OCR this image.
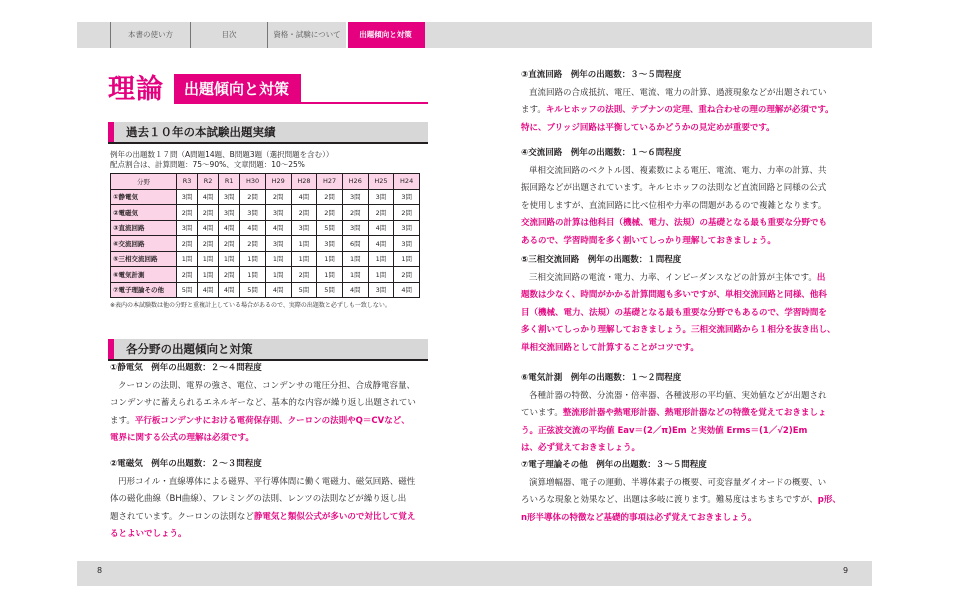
本書の使い方	目次	資格・試験について	出題傾向と対策
理論	出題傾向と対策
過去１０年の本試験出題実績
例年の出題数１７問（A問題14題、B問題3題（選択問題を含む））
配点割合は、計算問題：75～90%、文章問題：10～25%
分野	R3	R2	R1	H30	H29	H28	H27	H26	H25	H24
①静電気	3問	4問	3問	2問	2問	4問	2問	3問	3問	3問
②電磁気	2問	2問	3問	3問	3問	2問	2問	2問	2問	2問
③直流回路	3問	4問	4問	4問	4問	3問	5問	3問	4問	3問
④交流回路	2問	2問	2問	2問	3問	1問	3問	6問	4問	3問
⑤三相交流回路	1問	1問	1問	1問	1問	1問	1問	1問	1問	1問
⑥電気計測	2問	1問	2問	1問	1問	2問	1問	1問	1問	2問
⑦電子理論その他	5問	4問	4問	5問	4問	5問	5問	4問	3問	4問
※表内の本試験数は他の分野と重複計上している場合があるので、実際の出題数と必ずしも一致しない。
各分野の出題傾向と対策
①静電気　例年の出題数：２～４問程度
クーロンの法則、電界の強さ、電位、コンデンサの電圧分担、合成静電容量、
コンデンサに蓄えられるエネルギーなど、基本的な内容が繰り返し出題されてい
ます。平行板コンデンサにおける電荷保存則、クーロンの法則やQ＝CVなど、
電界に関する公式の理解は必須です。
②電磁気　例年の出題数：２～３問程度
円形コイル・直線導体による磁界、平行導体間に働く電磁力、磁気回路、磁性
体の磁化曲線（BH曲線）、フレミングの法則、レンツの法則などが繰り返し出
題されています。クーロンの法則など静電気と類似公式が多いので対比して覚え
るとよいでしょう。
③直流回路　例年の出題数：３～５問程度
直流回路の合成抵抗、電圧、電流、電力の計算、過渡現象などが出題されてい
ます。キルヒホッフの法則、テブナンの定理、重ね合わせの理の理解が必須です。
特に、ブリッジ回路は平衡しているかどうかの見定めが重要です。
④交流回路　例年の出題数：１～６問程度
単相交流回路のベクトル図、複素数による電圧、電流、電力、力率の計算、共
振回路などが出題されています。キルヒホッフの法則など直流回路と同様の公式
を使用しますが、直流回路に比べ位相や力率の問題があるので複雑となります。
交流回路の計算は他科目（機械、電力、法規）の基礎となる最も重要な分野でも
あるので、学習時間を多く割いてしっかり理解しておきましょう。
⑤三相交流回路　例年の出題数：１問程度
三相交流回路の電流・電力、力率、インピーダンスなどの計算が主体です。出
題数は少なく、時間がかかる計算問題も多いですが、単相交流回路と同様、他科
目（機械、電力、法規）の基礎となる最も重要な分野でもあるので、学習時間を
多く割いてしっかり理解しておきましょう。三相交流回路から１相分を抜き出し、
単相交流回路として計算することがコツです。
⑥電気計測　例年の出題数：１～２問程度
各種計器の特徴、分流器・倍率器、各種波形の平均値、実効値などが出題され
ています。整流形計器や熱電形計器、熱電形計器などの特徴を覚えておきましょ
う。正弦波交流の平均値 Eav＝(2／π)Em と実効値 Erms＝(1／√2)Em
は、必ず覚えておきましょう。
⑦電子理論その他　例年の出題数：３～５問程度
演算増幅器、電子の運動、半導体素子の概要、可変容量ダイオードの概要、い
ろいろな現象と効果など、出題は多岐に渡ります。難易度はまちまちですが、p形、
n形半導体の特徴など基礎的事項は必ず覚えておきましょう。
8	9
